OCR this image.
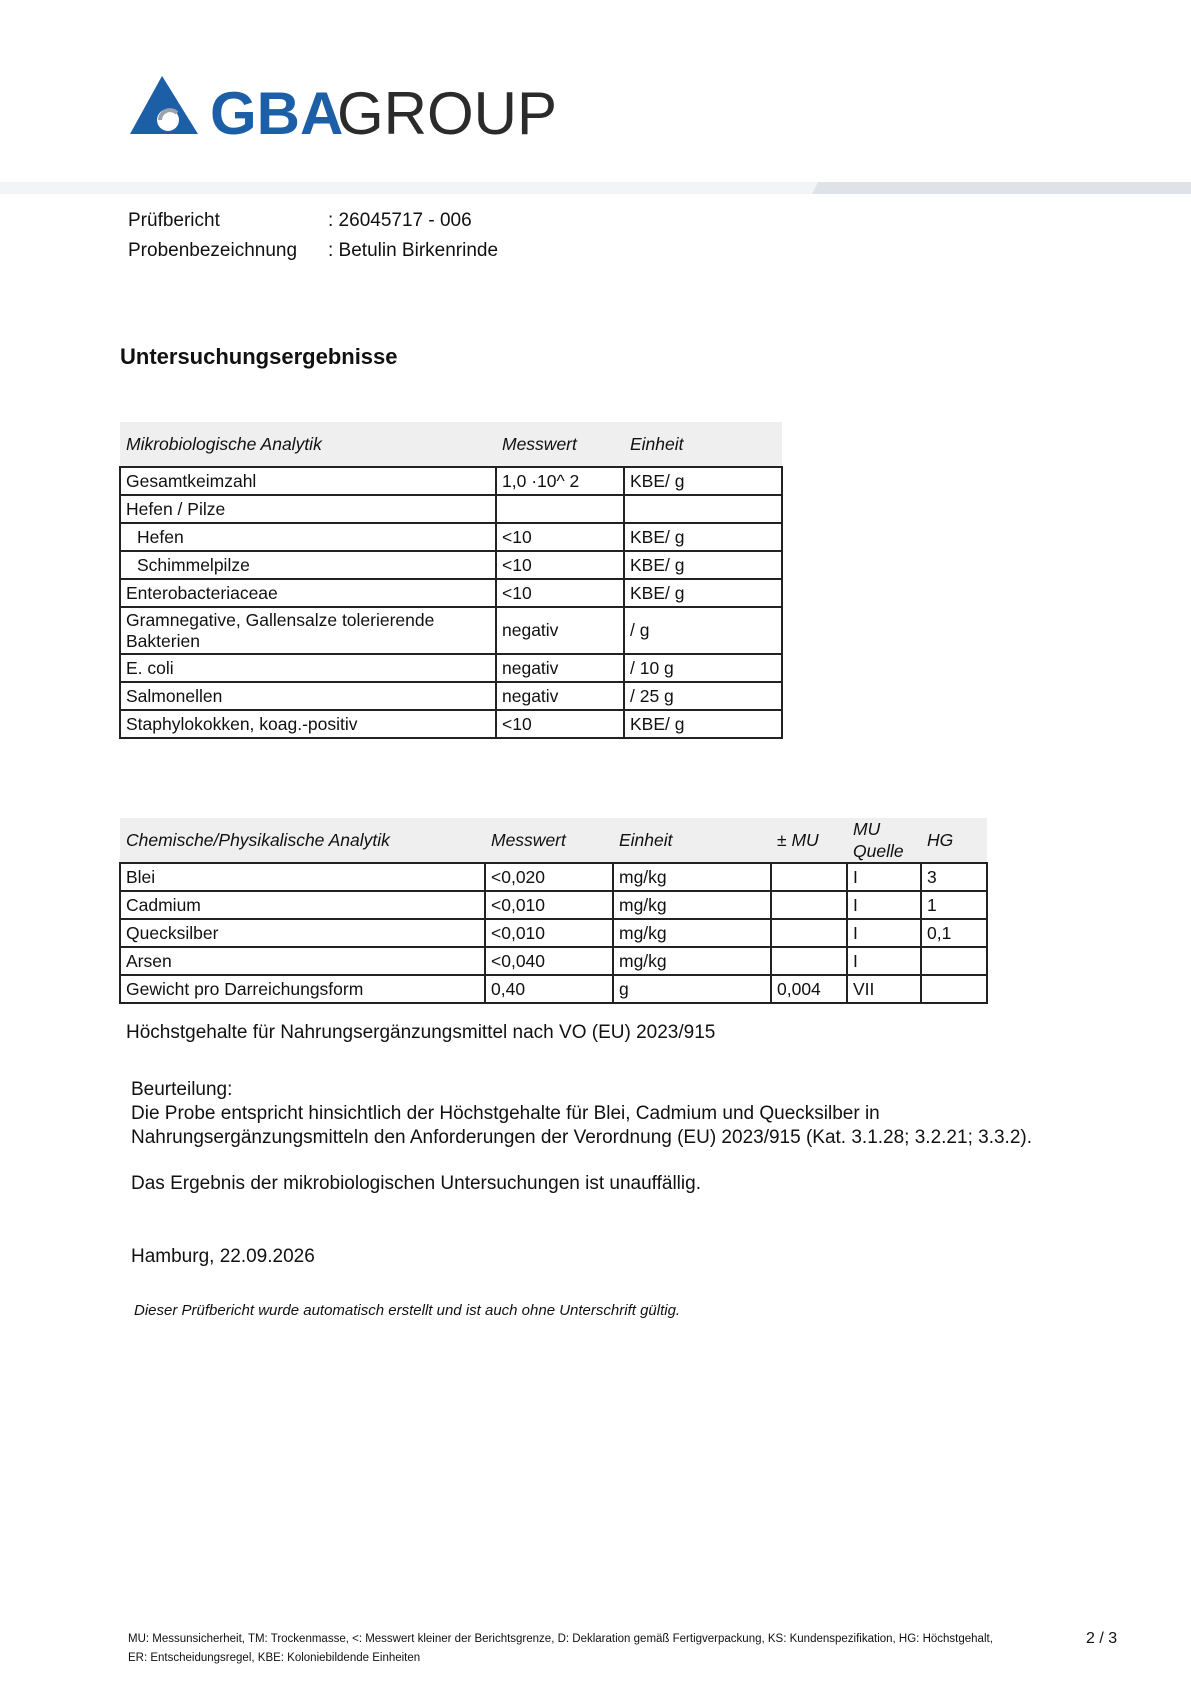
GBA
GROUP
Prüfbericht	: 26045717 - 006
Probenbezeichnung : Betulin Birkenrinde
Untersuchungsergebnisse
Mikrobiologische Analytik	Messwert	Einheit
Gesamtkeimzahl	1,0 ·10^ 2	KBE/ g
Hefen / Pilze		
Hefen	<10	KBE/ g
Schimmelpilze	<10	KBE/ g
Enterobacteriaceae	<10	KBE/ g
Gramnegative, Gallensalze tolerierende Bakterien	negativ	/ g
E. coli	negativ	/ 10 g
Salmonellen	negativ	/ 25 g
Staphylokokken, koag.-positiv	<10	KBE/ g
Chemische/Physikalische Analytik	Messwert	Einheit	± MU	MU Quelle	HG
Blei	<0,020	mg/kg		I	3
Cadmium	<0,010	mg/kg		I	1
Quecksilber	<0,010	mg/kg		I	0,1
Arsen	<0,040	mg/kg		I	
Gewicht pro Darreichungsform	0,40	g	0,004	VII	
Höchstgehalte für Nahrungsergänzungsmittel nach VO (EU) 2023/915
Beurteilung:
Die Probe entspricht hinsichtlich der Höchstgehalte für Blei, Cadmium und Quecksilber in Nahrungsergänzungsmitteln den Anforderungen der Verordnung (EU) 2023/915 (Kat. 3.1.28; 3.2.21; 3.3.2).
Das Ergebnis der mikrobiologischen Untersuchungen ist unauffällig.
Hamburg, 22.09.2026
Dieser Prüfbericht wurde automatisch erstellt und ist auch ohne Unterschrift gültig.
MU: Messunsicherheit, TM: Trockenmasse, <: Messwert kleiner der Berichtsgrenze, D: Deklaration gemäß Fertigverpackung, KS: Kundenspezifikation, HG: Höchstgehalt, ER: Entscheidungsregel, KBE: Koloniebildende Einheiten
2 / 3
